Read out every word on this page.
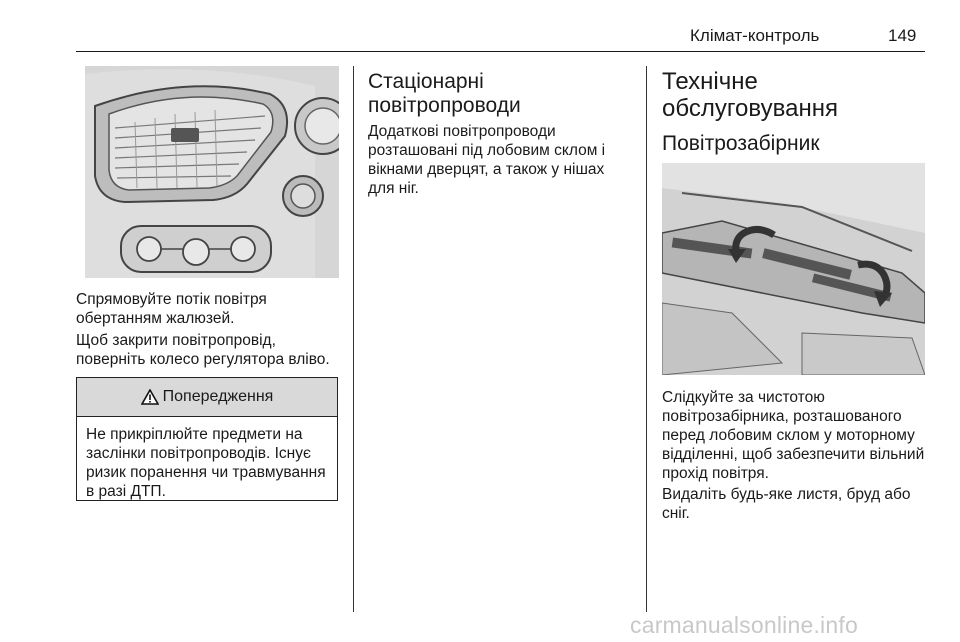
Клімат-контроль	149

Спрямовуйте потік повітря обертанням жалюзей.

Щоб закрити повітропровід, поверніть колесо регулятора вліво.

Попередження
Не прикріплюйте предмети на заслінки повітропроводів. Існує ризик поранення чи травмування в разі ДТП.
Стаціонарні повітропроводи

Додаткові повітропроводи розташовані під лобовим склом і вікнами дверцят, а також у нішах для ніг.

Технічне обслуговування
Повітрозабірник

Слідкуйте за чистотою повітрозабірника, розташованого перед лобовим склом у моторному відділенні, щоб забезпечити вільний прохід повітря.

Видаліть будь-яке листя, бруд або сніг.

carmanualsonline.info
